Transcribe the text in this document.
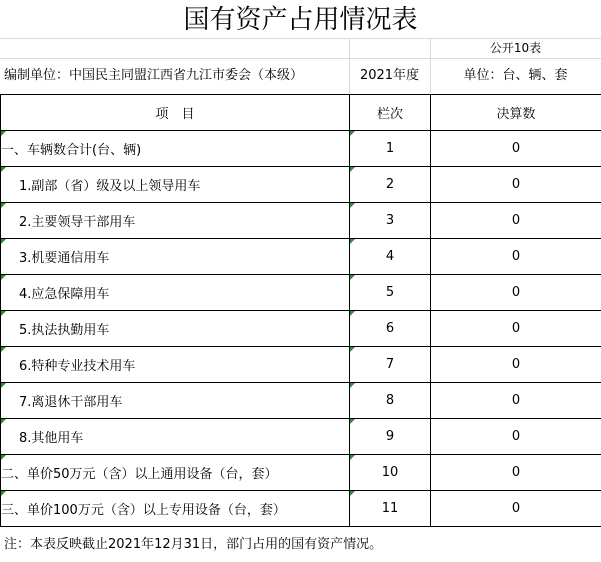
国有资产占用情况表
公开10表
编制单位：中国民主同盟江西省九江市委会（本级）	2021年度	单位：台、辆、套
项　目	栏次	决算数

一、车辆数合计(台、辆)	1	0

1.副部（省）级及以上领导用车	2	0

2.主要领导干部用车	3	0

3.机要通信用车	4	0

4.应急保障用车	5	0

5.执法执勤用车	6	0

6.特种专业技术用车	7	0

7.离退休干部用车	8	0

8.其他用车	9	0

二、单价50万元（含）以上通用设备（台，套）	10	0

三、单价100万元（含）以上专用设备（台，套）	11	0
注：本表反映截止2021年12月31日，部门占用的国有资产情况。
